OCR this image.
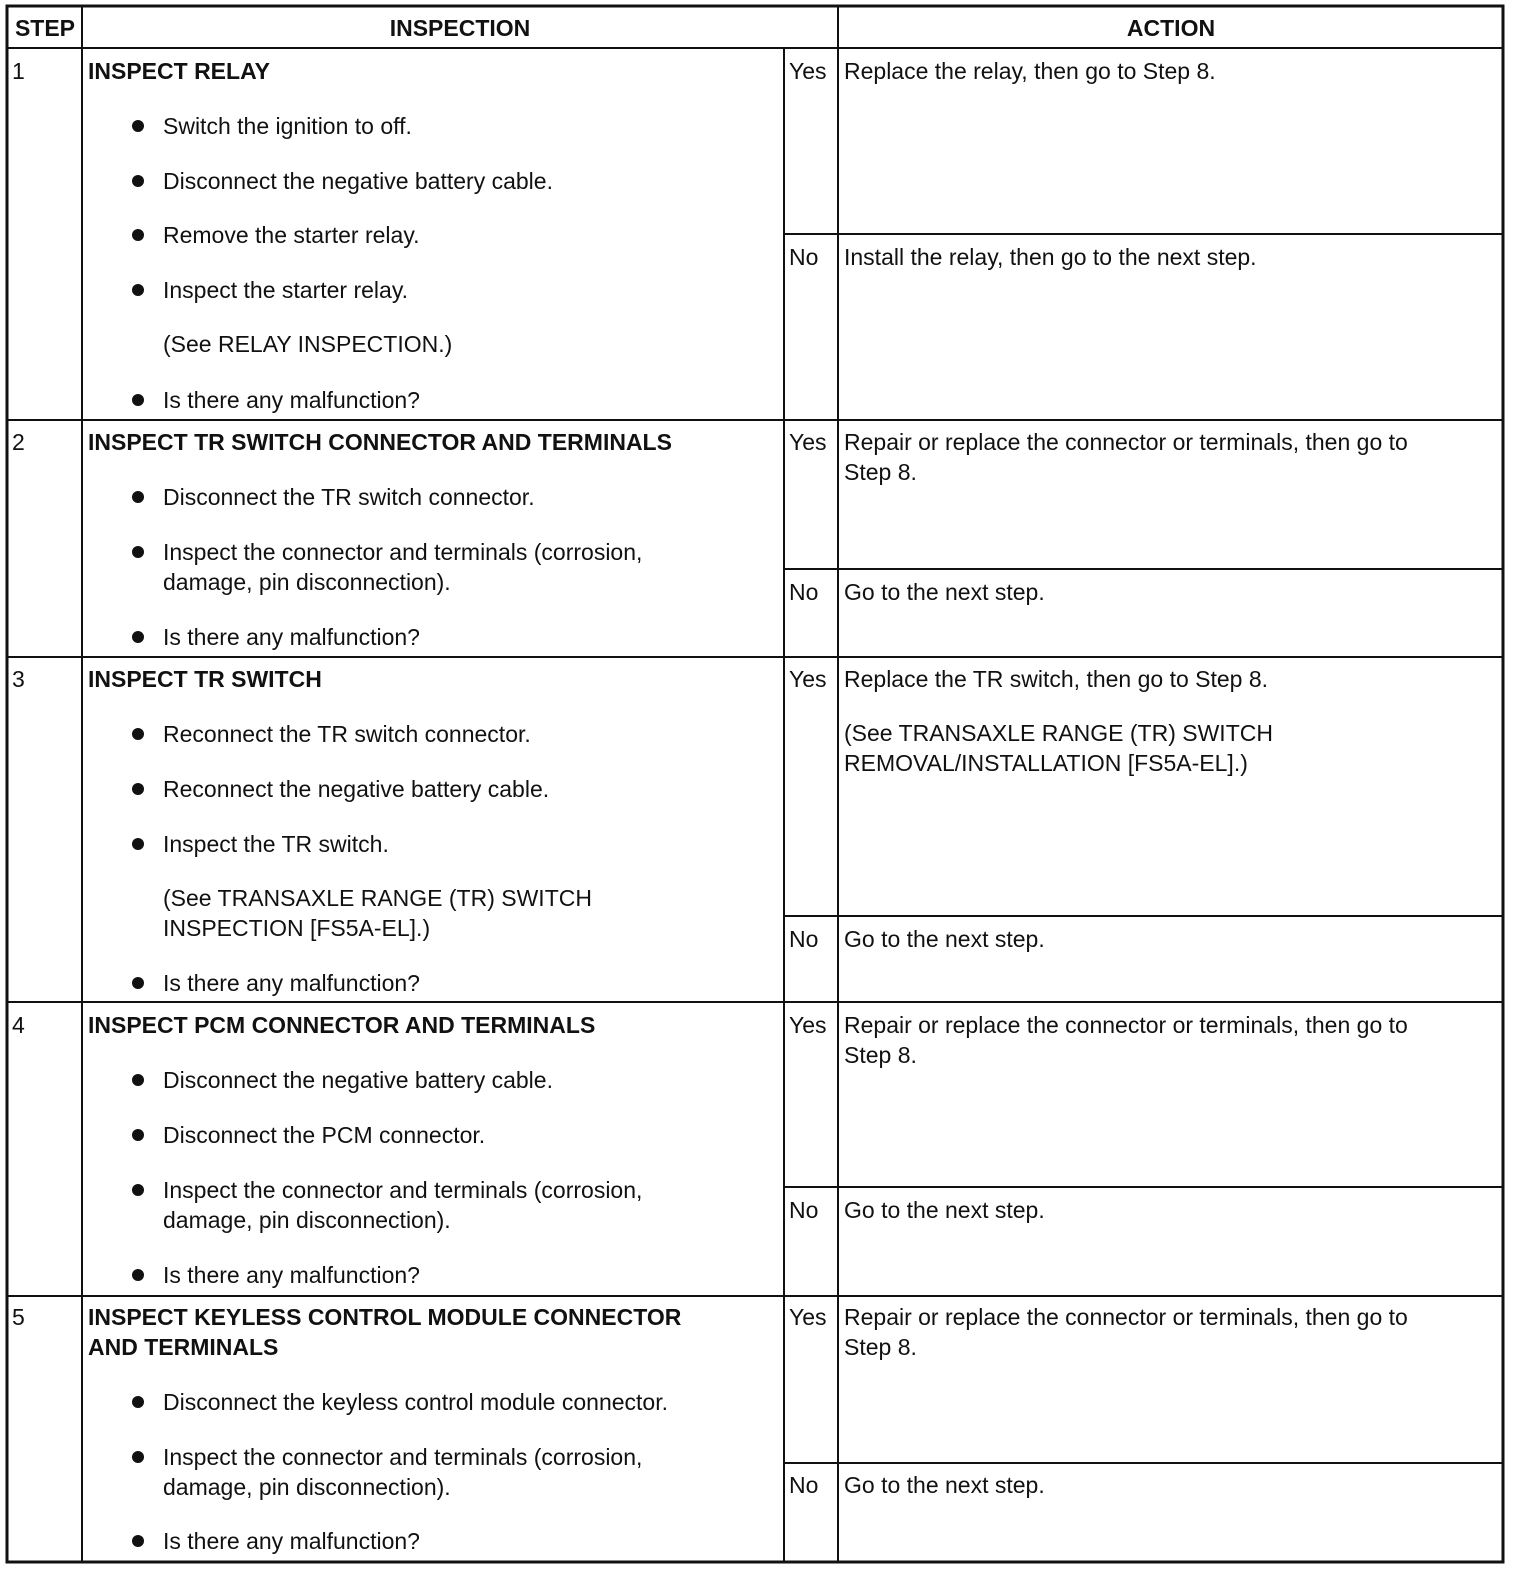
STEP	INSPECTION	ACTION
1	INSPECT RELAY
Switch the ignition to off.
Disconnect the negative battery cable.
Remove the starter relay.
Inspect the starter relay.
(See RELAY INSPECTION.)
Is there any malfunction?
Yes Replace the relay, then go to Step 8.
No Install the relay, then go to the next step.
2	INSPECT TR SWITCH CONNECTOR AND TERMINALS
Disconnect the TR switch connector.
Inspect the connector and terminals (corrosion,
damage, pin disconnection).
Is there any malfunction?
Yes Repair or replace the connector or terminals, then go to
Step 8.
No Go to the next step.
3	INSPECT TR SWITCH
Reconnect the TR switch connector.
Reconnect the negative battery cable.
Inspect the TR switch.
(See TRANSAXLE RANGE (TR) SWITCH
INSPECTION [FS5A-EL].)
Is there any malfunction?
Yes Replace the TR switch, then go to Step 8.
(See TRANSAXLE RANGE (TR) SWITCH
REMOVAL/INSTALLATION [FS5A-EL].)
No Go to the next step.
4	INSPECT PCM CONNECTOR AND TERMINALS
Disconnect the negative battery cable.
Disconnect the PCM connector.
Inspect the connector and terminals (corrosion,
damage, pin disconnection).
Is there any malfunction?
Yes Repair or replace the connector or terminals, then go to
Step 8.
No Go to the next step.
5	INSPECT KEYLESS CONTROL MODULE CONNECTOR
AND TERMINALS
Disconnect the keyless control module connector.
Inspect the connector and terminals (corrosion,
damage, pin disconnection).
Is there any malfunction?
Yes Repair or replace the connector or terminals, then go to
Step 8.
No Go to the next step.
